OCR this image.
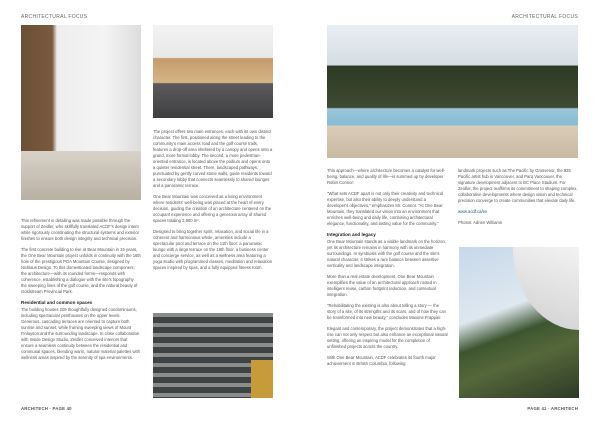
ARCHITECTURAL FOCUS	ARCHITECTURAL FOCUS

This refinement in detailing was made possible through the support of Zeidler, who skillfully translated ACDF's design intent while rigorously coordinating the structural systems and exterior finishes to ensure both design integrity and technical precision.

The first concrete building to rise at Bear Mountain in 15 years, the One Bear Mountain project unfolds in continuity with the 16th hole of the prestigious PGA Mountain Course, designed by Nicklaus Design. To this domesticated landscape component, the architecture—with its rounded forms—responds with coherence, establishing a dialogue with the site's topography, the sweeping lines of the golf course, and the natural beauty of Goldstream Provincial Park.

Residential and common spaces

The building houses 209 thoughtfully designed condominiums, including spectacular penthouses on the upper levels. Generous, cascading terraces are oriented to capture both sunrise and sunset, while framing sweeping views of Mount Finlayson and the surrounding landscape. In close collaboration with Inside Design Studio, Zeidler conceived interiors that ensure a seamless continuity between the residential and communal spaces, blending warm, natural material palettes with wellness areas inspired by the serenity of spa environments.

The project offers two main entrances, each with its own distinct character. The first, positioned along the street leading to the community's main access road and the golf course trails, features a drop-off area sheltered by a canopy and opens onto a grand, more formal lobby. The second, a more pedestrian-oriented entrance, is located above the podium and opens onto a quieter residential street. There, landscaped pathways, punctuated by gently curved stone walls, guide residents toward a secondary lobby that connects seamlessly to shared lounges and a panoramic terrace.

One Bear Mountain was conceived as a living environment where residents' well-being was placed at the heart of every decision, guiding the creation of an architecture centered on the occupant experience and offering a generous array of shared spaces totaling 2,800 m².

Designed to bring together spirit, relaxation, and social life in a coherent and harmonious whole, amenities include a spectacular pool and terrace on the 11th floor: a panoramic lounge with a large terrace on the 18th floor, a business center and concierge service, as well as a wellness area featuring a yoga studio with programmed classes, meditation and relaxation spaces inspired by spas, and a fully equipped fitness room.

This approach—where architecture becomes a catalyst for well-being, balance, and quality of life—is summed up by developer Robin Connor:

"What sets ACDF apart is not only their creativity and technical expertise, but also their ability to deeply understand a developer's objectives," emphasizes Mr. Connor. "At One Bear Mountain, they translated our vision into an environment that enriches well-being and daily life, combining architectural elegance, functionality, and lasting value for the community."

Integration and legacy

One Bear Mountain stands as a visible landmark on the horizon, yet its architecture remains in harmony with its immediate surroundings. In symbiosis with the golf course and the site's natural character, it strikes a rare balance between assertive verticality and landscape integration.

More than a real estate development, One Bear Mountain exemplifies the value of an architectural approach rooted in intelligent reuse, carbon footprint reduction, and contextual integration.

"Rehabilitating the existing is also about telling a story — the story of a site, of its strengths and its scars, and of how they can be transformed into new beauty," concludes Maxime Frappier.

Elegant and contemporary, the project demonstrates that a high-rise can not only respect but also enhance an exceptional natural setting, offering an inspiring model for the completion of unfinished projects across the country.

With One Bear Mountain, ACDF celebrates its fourth major achievement in British Columbia, following

landmark projects such as The Pacific by Grosvenor, the 825 Pacific artist hub in Vancouver, and Parq Vancouver, the signature development adjacent to BC Place Stadium. For Zeidler, the project reaffirms its commitment to shaping complex, collaborative developments where design vision and technical precision converge to create communities that elevate daily life.

www.acdf.ca/en

Photos: Adrien Williams

ARCHITECH · PAGE 40	PAGE 41 · ARCHITECH
